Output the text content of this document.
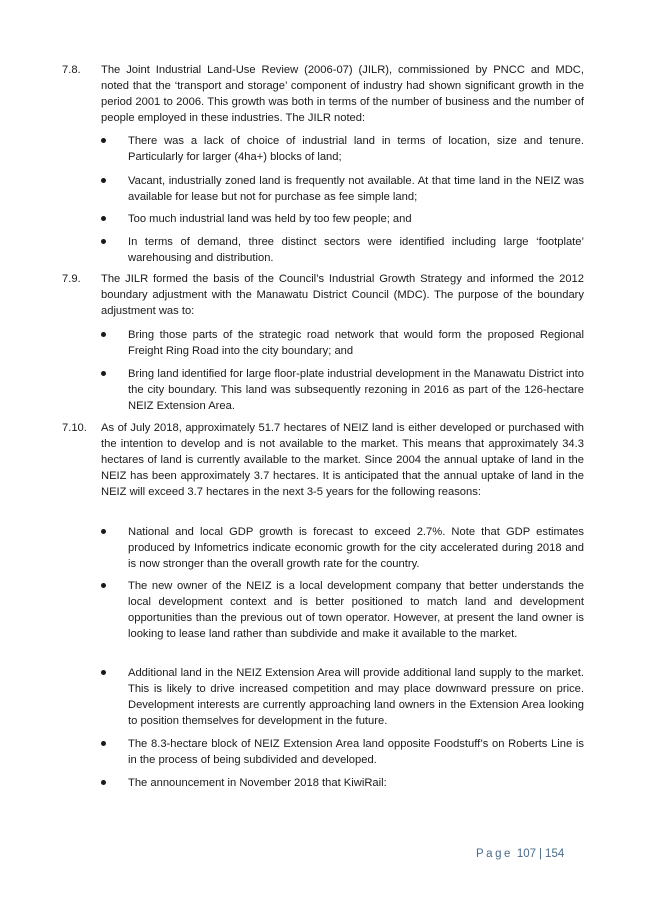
7.8. The Joint Industrial Land-Use Review (2006-07) (JILR), commissioned by PNCC and MDC, noted that the ‘transport and storage’ component of industry had shown significant growth in the period 2001 to 2006. This growth was both in terms of the number of business and the number of people employed in these industries. The JILR noted:
There was a lack of choice of industrial land in terms of location, size and tenure. Particularly for larger (4ha+) blocks of land;
Vacant, industrially zoned land is frequently not available. At that time land in the NEIZ was available for lease but not for purchase as fee simple land;
Too much industrial land was held by too few people; and
In terms of demand, three distinct sectors were identified including large ‘footplate’ warehousing and distribution.
7.9. The JILR formed the basis of the Council’s Industrial Growth Strategy and informed the 2012 boundary adjustment with the Manawatu District Council (MDC). The purpose of the boundary adjustment was to:
Bring those parts of the strategic road network that would form the proposed Regional Freight Ring Road into the city boundary; and
Bring land identified for large floor-plate industrial development in the Manawatu District into the city boundary. This land was subsequently rezoning in 2016 as part of the 126-hectare NEIZ Extension Area.
7.10. As of July 2018, approximately 51.7 hectares of NEIZ land is either developed or purchased with the intention to develop and is not available to the market. This means that approximately 34.3 hectares of land is currently available to the market. Since 2004 the annual uptake of land in the NEIZ has been approximately 3.7 hectares. It is anticipated that the annual uptake of land in the NEIZ will exceed 3.7 hectares in the next 3-5 years for the following reasons:
National and local GDP growth is forecast to exceed 2.7%. Note that GDP estimates produced by Infometrics indicate economic growth for the city accelerated during 2018 and is now stronger than the overall growth rate for the country.
The new owner of the NEIZ is a local development company that better understands the local development context and is better positioned to match land and development opportunities than the previous out of town operator. However, at present the land owner is looking to lease land rather than subdivide and make it available to the market.
Additional land in the NEIZ Extension Area will provide additional land supply to the market. This is likely to drive increased competition and may place downward pressure on price. Development interests are currently approaching land owners in the Extension Area looking to position themselves for development in the future.
The 8.3-hectare block of NEIZ Extension Area land opposite Foodstuff’s on Roberts Line is in the process of being subdivided and developed.
The announcement in November 2018 that KiwiRail:
Page 107 | 154
